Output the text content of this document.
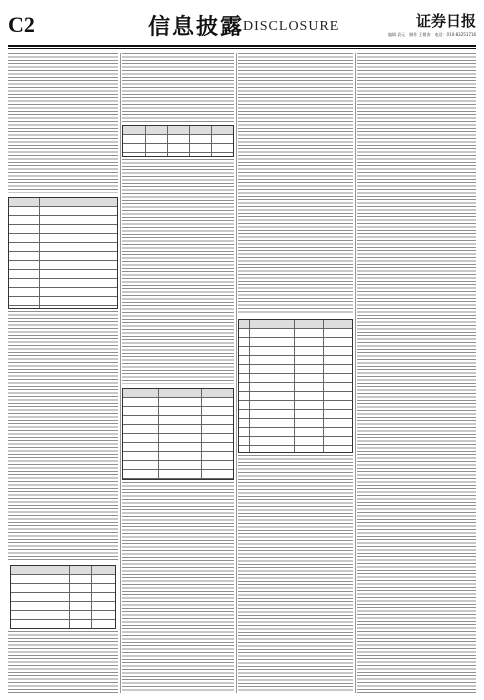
C2	信息披露
DISCLOSURE	证券日报
编辑 袁元　制作 王敬涛　电话：010-83251716
